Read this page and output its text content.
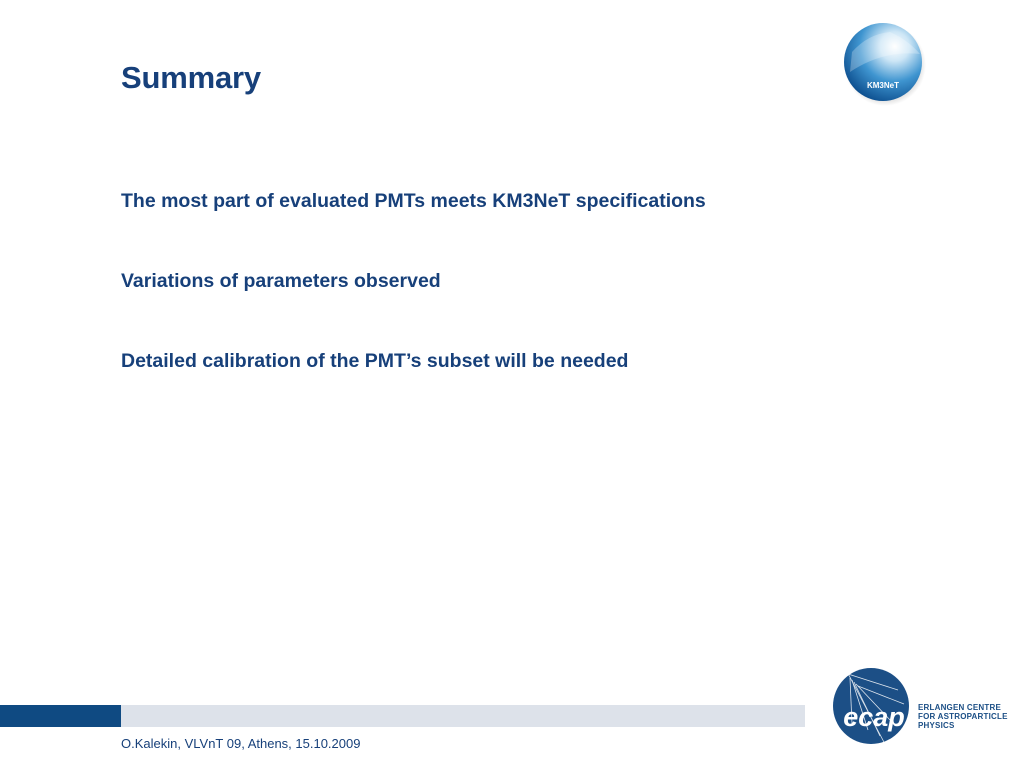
Summary
The most part of evaluated PMTs meets KM3NeT specifications
Variations of parameters observed
Detailed calibration of the PMT’s subset will be needed
KM3NeT
O.Kalekin, VLVnT 09, Athens, 15.10.2009
ecap ERLANGEN CENTRE
FOR ASTROPARTICLE
PHYSICS
